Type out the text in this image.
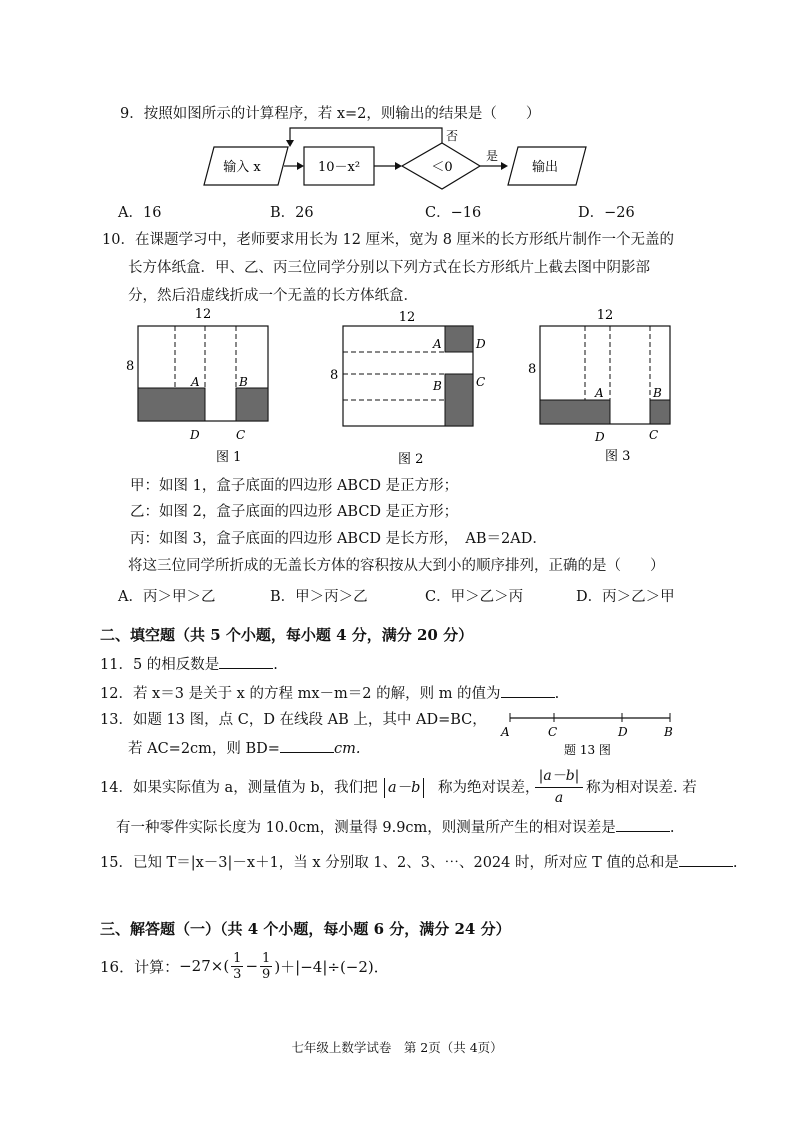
9．按照如图所示的计算程序，若 x=2，则输出的结果是（　　）
输入 x	10－x²	＜0
否
是
输出
A．16	B．26	C．−16	D．−26
10．在课题学习中，老师要求用长为 12 厘米，宽为 8 厘米的长方形纸片制作一个无盖的
长方体纸盒．甲、乙、丙三位同学分别以下列方式在长方形纸片上截去图中阴影部
分，然后沿虚线折成一个无盖的长方体纸盒．
12
8
A	B
D	C
图 1
12
8
A
B
D
C
图 2
12
8
A	B
D	C
图 3
甲：如图 1，盒子底面的四边形 ABCD 是正方形；
乙：如图 2，盒子底面的四边形 ABCD 是正方形；
丙：如图 3，盒子底面的四边形 ABCD 是长方形，　AB＝2AD．
将这三位同学所折成的无盖长方体的容积按从大到小的顺序排列，正确的是（　　）
A．丙＞甲＞乙	B．甲＞丙＞乙	C．甲＞乙＞丙	D．丙＞乙＞甲
二、填空题（共 5 个小题，每小题 4 分，满分 20 分）
11．5 的相反数是	.
12．若 x＝3 是关于 x 的方程 mx－m＝2 的解，则 m 的值为	.
13．如题 13 图，点 C，D 在线段 AB 上，其中 AD=BC，
若 AC=2cm，则 BD=	cm.
A	C	D	B
题 13 图
14．如果实际值为 a，测量值为 b，我们把 a－b 称为绝对误差，
|a－b|
a
称为相对误差. 若
有一种零件实际长度为 10.0cm，测量得 9.9cm，则测量所产生的相对误差是	.
15．已知 T＝|x－3|－x＋1，当 x 分别取 1、2、3、⋯、2024 时，所对应 T 值的总和是	.
三、解答题（一）（共 4 个小题，每小题 6 分，满分 24 分）
16．计算： −27×( 1
$3 - \frac{1}{9} )+|-4|\div(-2)$．
七年级上数学试卷　第 2页（共 4页）
